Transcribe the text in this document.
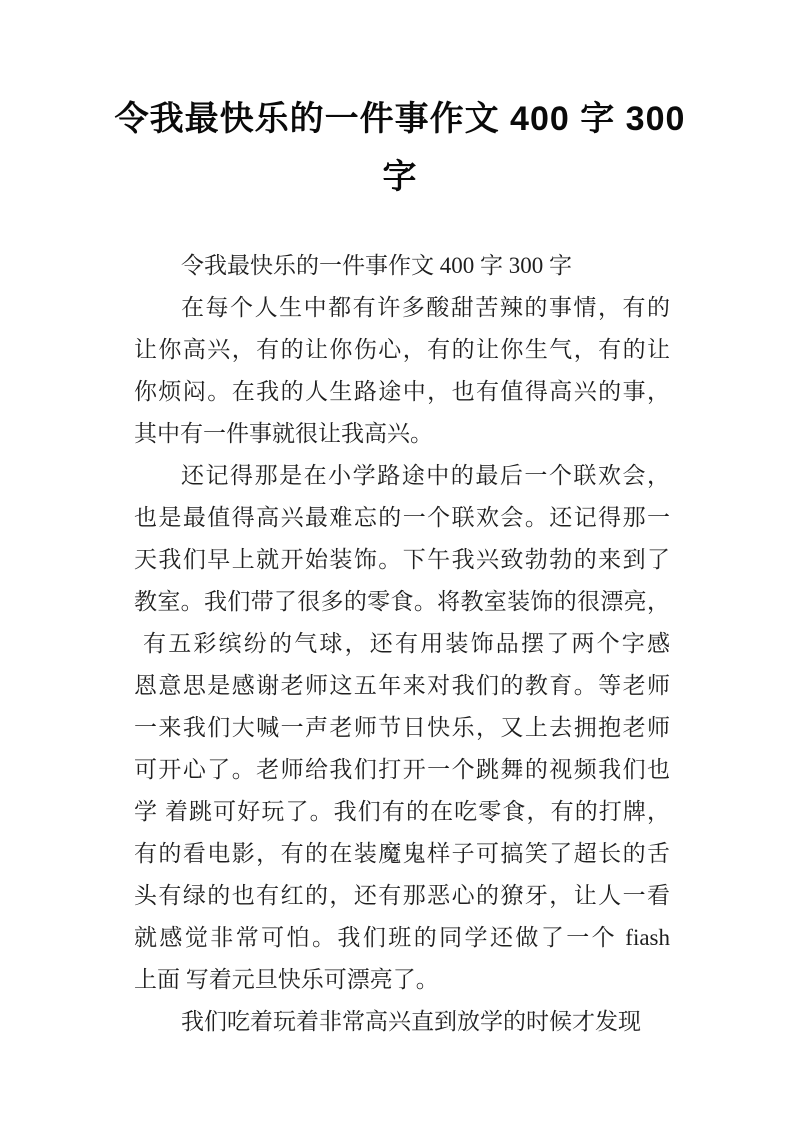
令我最快乐的一件事作文 400 字 300
字
令我最快乐的一件事作文 400 字 300 字
在每个人生中都有许多酸甜苦辣的事情，有的
让你高兴，有的让你伤心，有的让你生气，有的让
你烦闷。在我的人生路途中，也有值得高兴的事，
其中有一件事就很让我高兴。
还记得那是在小学路途中的最后一个联欢会，
也是最值得高兴最难忘的一个联欢会。还记得那一
天我们早上就开始装饰。下午我兴致勃勃的来到了
教室。我们带了很多的零食。将教室装饰的很漂亮，
有五彩缤纷的气球，还有用装饰品摆了两个字感
恩意思是感谢老师这五年来对我们的教育。等老师
一来我们大喊一声老师节日快乐，又上去拥抱老师
可开心了。老师给我们打开一个跳舞的视频我们也
学 着跳可好玩了。我们有的在吃零食，有的打牌，
有的看电影，有的在装魔鬼样子可搞笑了超长的舌
头有绿的也有红的，还有那恶心的獠牙，让人一看
就感觉非常可怕。我们班的同学还做了一个 fiash
上面 写着元旦快乐可漂亮了。
我们吃着玩着非常高兴直到放学的时候才发现
